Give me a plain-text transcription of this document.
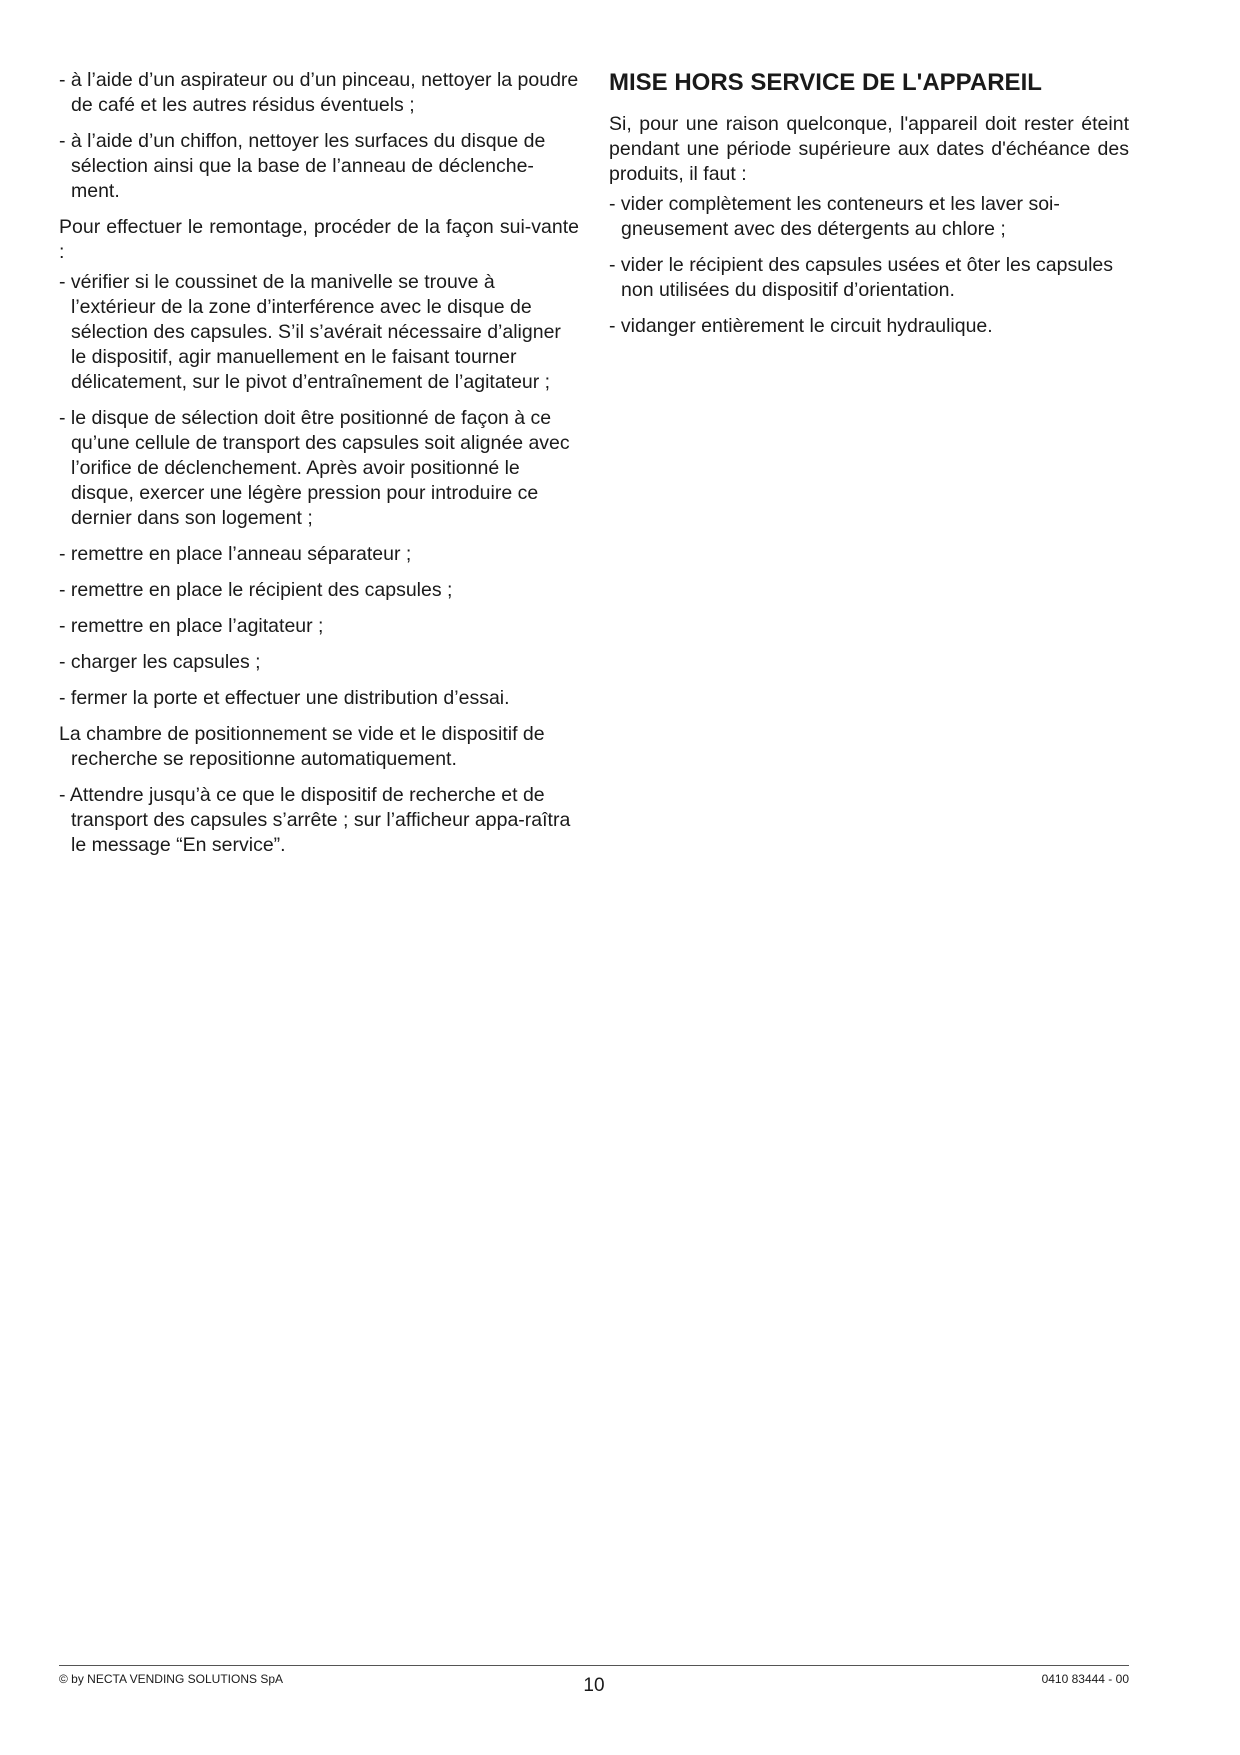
- à l’aide d’un aspirateur ou d’un pinceau, nettoyer la poudre de café et les autres résidus éventuels ;

- à l’aide d’un chiffon, nettoyer les surfaces du disque de sélection ainsi que la base de l’anneau de déclenche-ment.

Pour effectuer le remontage, procéder de la façon sui-vante :

- vérifier si le coussinet de la manivelle se trouve à l’extérieur de la zone d’interférence avec le disque de sélection des capsules. S’il s’avérait nécessaire d’aligner le dispositif, agir manuellement en le faisant tourner délicatement, sur le pivot d’entraînement de l’agitateur ;

- le disque de sélection doit être positionné de façon à ce qu’une cellule de transport des capsules soit alignée avec l’orifice de déclenchement. Après avoir positionné le disque, exercer une légère pression pour introduire ce dernier dans son logement ;

- remettre en place l’anneau séparateur ;

- remettre en place le récipient des capsules ;

- remettre en place l’agitateur ;

- charger les capsules ;

- fermer la porte et effectuer une distribution d’essai.

La chambre de positionnement se vide et le dispositif de recherche se repositionne automatiquement.

- Attendre jusqu’à ce que le dispositif de recherche et de transport des capsules s’arrête ; sur l’afficheur appa-raîtra le message “En service”.

MISE HORS SERVICE DE L'APPAREIL

Si, pour une raison quelconque, l'appareil doit rester éteint pendant une période supérieure aux dates d'échéance des produits, il faut :

- vider complètement les conteneurs et les laver soi-gneusement avec des détergents au chlore ;

- vider le récipient des capsules usées et ôter les capsules non utilisées du dispositif d’orientation.

- vidanger entièrement le circuit hydraulique.

© by NECTA VENDING SOLUTIONS SpA	10	0410 83444 - 00
